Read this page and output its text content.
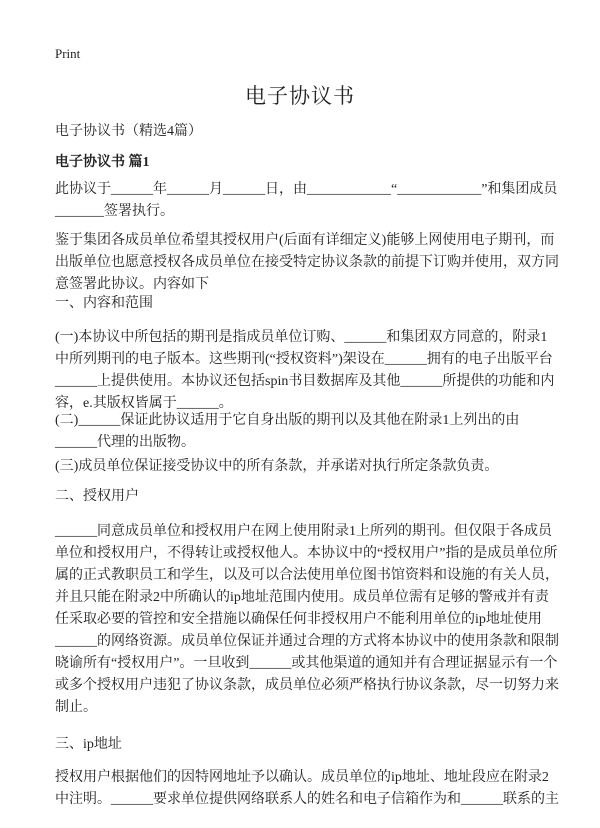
Print
电子协议书
电子协议书（精选4篇）
电子协议书 篇1
此协议于______年______月______日，由____________“____________”和集团成员
_______签署执行。
鉴于集团各成员单位希望其授权用户(后面有详细定义)能够上网使用电子期刊，而
出版单位也愿意授权各成员单位在接受特定协议条款的前提下订购并使用，双方同
意签署此协议。内容如下
一、内容和范围
(一)本协议中所包括的期刊是指成员单位订购、______和集团双方同意的，附录1
中所列期刊的电子版本。这些期刊(“授权资料”)架设在______拥有的电子出版平台
______上提供使用。本协议还包括spin书目数据库及其他______所提供的功能和内
容，e.其版权皆属于______。
(二)______保证此协议适用于它自身出版的期刊以及其他在附录1上列出的由
______代理的出版物。
(三)成员单位保证接受协议中的所有条款，并承诺对执行所定条款负责。
二、授权用户
______同意成员单位和授权用户在网上使用附录1上所列的期刊。但仅限于各成员
单位和授权用户，不得转让或授权他人。本协议中的“授权用户”指的是成员单位所
属的正式教职员工和学生，以及可以合法使用单位图书馆资料和设施的有关人员，
并且只能在附录2中所确认的ip地址范围内使用。成员单位需有足够的警戒并有责
任采取必要的管控和安全措施以确保任何非授权用户不能利用单位的ip地址使用
______的网络资源。成员单位保证并通过合理的方式将本协议中的使用条款和限制
晓谕所有“授权用户”。一旦收到______或其他渠道的通知并有合理证据显示有一个
或多个授权用户违犯了协议条款，成员单位必须严格执行协议条款，尽一切努力来
制止。
三、ip地址
授权用户根据他们的因特网地址予以确认。成员单位的ip地址、地址段应在附录2
中注明。______要求单位提供网络联系人的姓名和电子信箱作为和______联系的主
